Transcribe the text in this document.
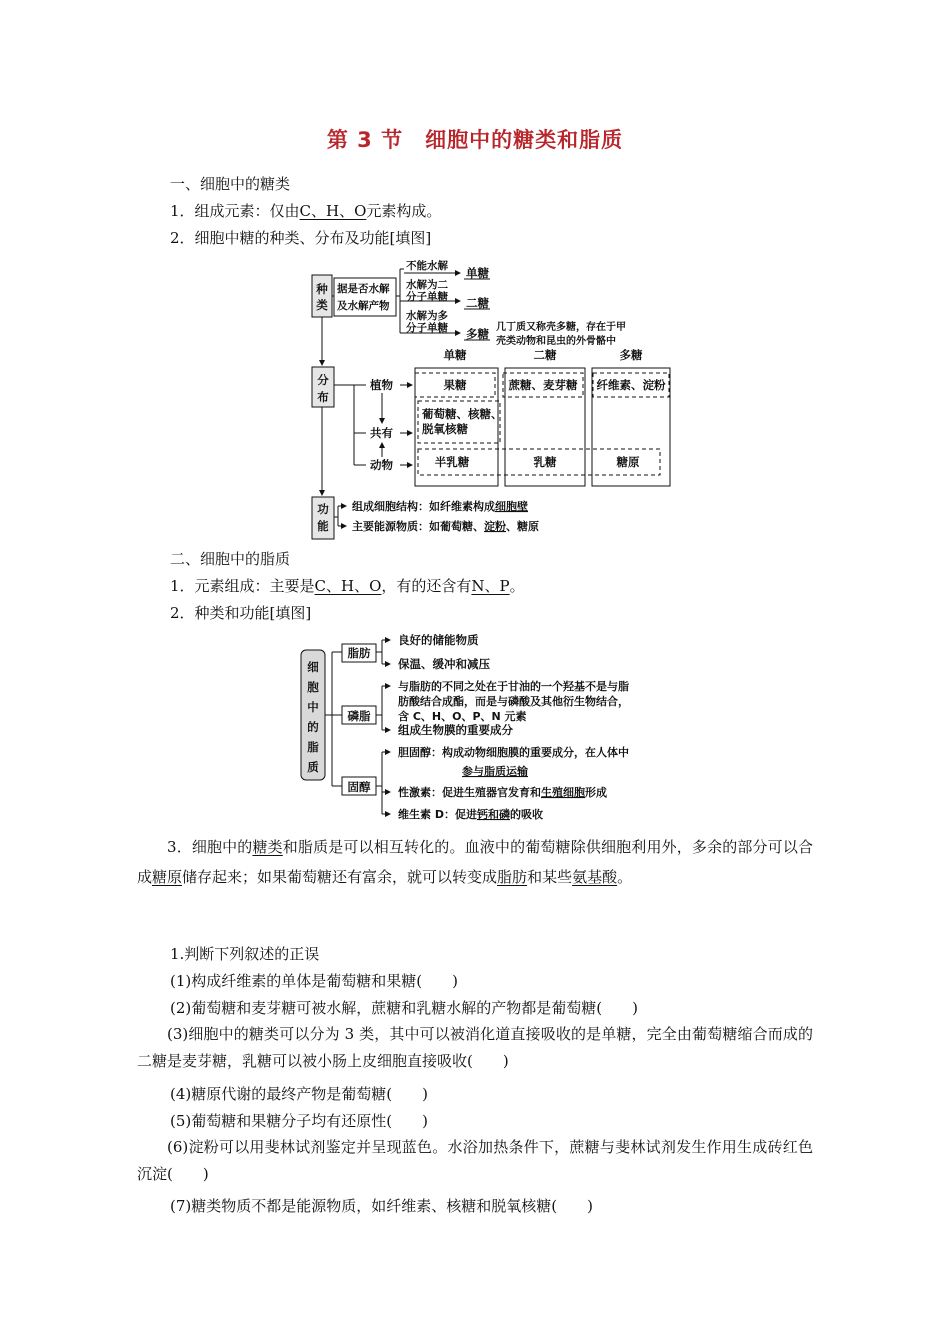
第 3 节　细胞中的糖类和脂质
一、细胞中的糖类
1．组成元素：仅由C、H、O元素构成。
2．细胞中糖的种类、分布及功能[填图]
种
类
据是否水解
及水解产物
不能水解
水解为二
分子单糖
水解为多
分子单糖
单糖
二糖
多糖 几丁质又称壳多糖，存在于甲
壳类动物和昆虫的外骨骼中
单糖	二糖	多糖
分
布
植物
共有
动物
果糖	蔗糖、麦芽糖 纤维素、淀粉
葡萄糖、核糖、
脱氧核糖
半乳糖	乳糖	糖原
功
能
组成细胞结构：如纤维素构成细胞壁
主要能源物质：如葡萄糖、淀粉、糖原
二、细胞中的脂质
1．元素组成：主要是C、H、O，有的还含有N、P。
2．种类和功能[填图]
细
胞
中
的
脂
质
脂肪
磷脂
固醇
良好的储能物质
保温、缓冲和减压
与脂肪的不同之处在于甘油的一个羟基不是与脂
肪酸结合成酯，而是与磷酸及其他衍生物结合，
含 C、H、O、P、N 元素
组成生物膜的重要成分
胆固醇：构成动物细胞膜的重要成分，在人体中
参与脂质运输
性激素：促进生殖器官发育和生殖细胞形成
维生素 D：促进钙和磷的吸收
3．细胞中的糖类和脂质是可以相互转化的。血液中的葡萄糖除供细胞利用外，多余的部分可以合成糖原储存起来；如果葡萄糖还有富余，就可以转变成脂肪和某些氨基酸。
1.判断下列叙述的正误
(1)构成纤维素的单体是葡萄糖和果糖(　　)
(2)葡萄糖和麦芽糖可被水解，蔗糖和乳糖水解的产物都是葡萄糖(　　)
(3)细胞中的糖类可以分为 3 类，其中可以被消化道直接吸收的是单糖，完全由葡萄糖缩合而成的二糖是麦芽糖，乳糖可以被小肠上皮细胞直接吸收(　　)
(4)糖原代谢的最终产物是葡萄糖(　　)
(5)葡萄糖和果糖分子均有还原性(　　)
(6)淀粉可以用斐林试剂鉴定并呈现蓝色。水浴加热条件下，蔗糖与斐林试剂发生作用生成砖红色沉淀(　　)
(7)糖类物质不都是能源物质，如纤维素、核糖和脱氧核糖(　　)
